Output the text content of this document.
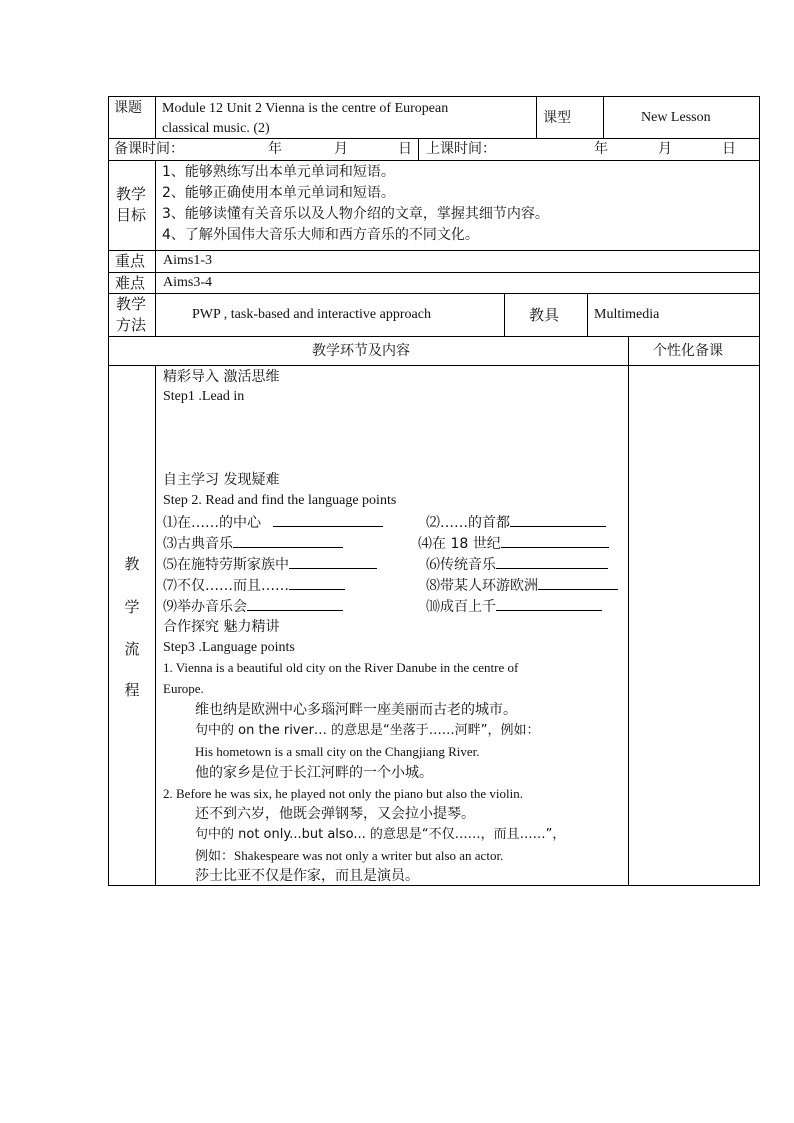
课题 Module 12 Unit 2 Vienna is the centre of European
classical music. (2)
课型	New Lesson
备课时间：	年	月	日 上课时间：	年	月	日
教学
目标
1、能够熟练写出本单元单词和短语。
2、能够正确使用本单元单词和短语。
3、能够读懂有关音乐以及人物介绍的文章，掌握其细节内容。
4、了解外国伟大音乐大师和西方音乐的不同文化。
重点 Aims1-3
难点 Aims3-4
教学
方法
PWP , task-based and interactive approach	教具 Multimedia
教学环节及内容	个性化备课
教
学
流
程
精彩导入 激活思维
Step1 .Lead in
自主学习 发现疑难
Step 2. Read and find the language points
⑴在……的中心	⑵……的首都
⑶古典音乐	⑷在 18 世纪
⑸在施特劳斯家族中	⑹传统音乐
⑺不仅……而且……	⑻带某人环游欧洲
⑼举办音乐会	⑽成百上千
合作探究 魅力精讲
Step3 .Language points
1. Vienna is a beautiful old city on the River Danube in the centre of
Europe.
维也纳是欧洲中心多瑙河畔一座美丽而古老的城市。
句中的 on the river… 的意思是“坐落于……河畔”，例如：
His hometown is a small city on the Changjiang River.
他的家乡是位于长江河畔的一个小城。
2. Before he was six, he played not only the piano but also the violin.
还不到六岁，他既会弹钢琴，又会拉小提琴。
句中的 not only...but also... 的意思是“不仅……，而且……”，
例如：Shakespeare was not only a writer but also an actor.
莎士比亚不仅是作家，而且是演员。
